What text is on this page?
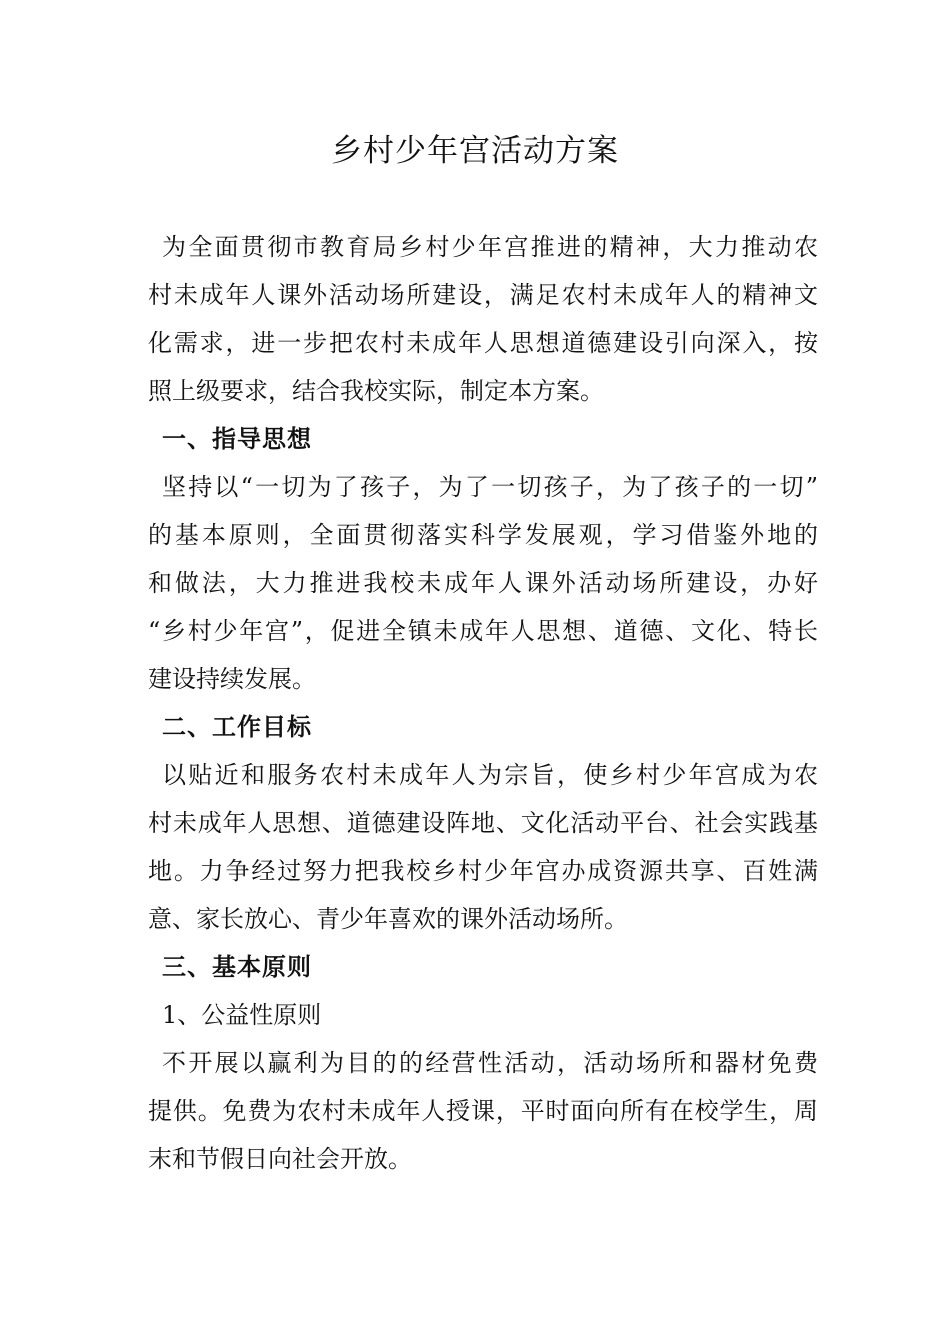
乡村少年宫活动方案
为全面贯彻市教育局乡村少年宫推进的精神，大力推动农
村未成年人课外活动场所建设，满足农村未成年人的精神文
化需求，进一步把农村未成年人思想道德建设引向深入，按
照上级要求，结合我校实际，制定本方案。
一、指导思想
坚持以“一切为了孩子，为了一切孩子，为了孩子的一切”
的基本原则，全面贯彻落实科学发展观，学习借鉴外地的
和做法，大力推进我校未成年人课外活动场所建设，办好
“乡村少年宫”，促进全镇未成年人思想、道德、文化、特长
建设持续发展。
二、工作目标
以贴近和服务农村未成年人为宗旨，使乡村少年宫成为农
村未成年人思想、道德建设阵地、文化活动平台、社会实践基
地。力争经过努力把我校乡村少年宫办成资源共享、百姓满
意、家长放心、青少年喜欢的课外活动场所。
三、基本原则
1、公益性原则
不开展以赢利为目的的经营性活动，活动场所和器材免费
提供。免费为农村未成年人授课，平时面向所有在校学生，周
末和节假日向社会开放。
